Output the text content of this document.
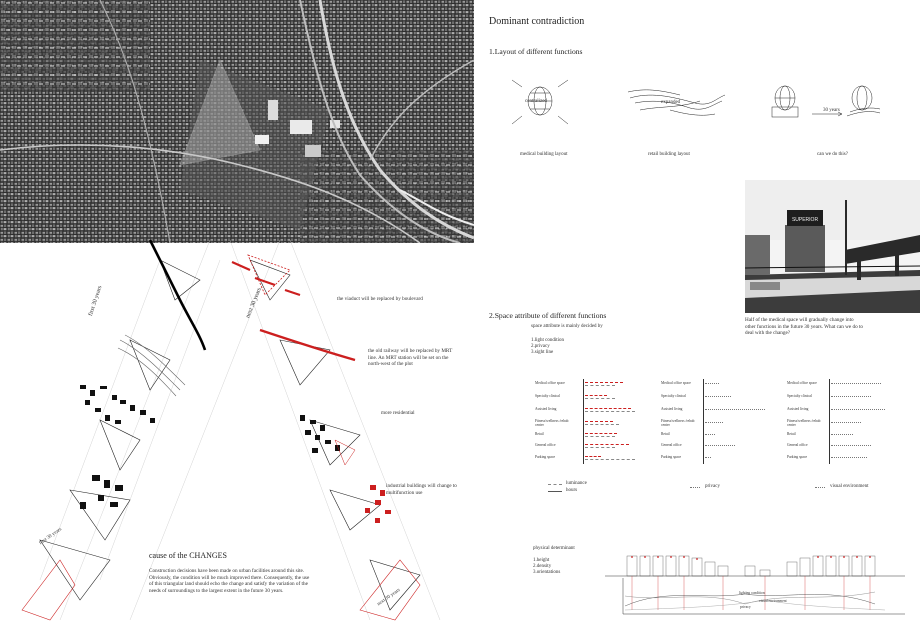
Dominant contradiction
1.Layout of different functions
centralized	expanded
30 years
medical building layout	retail building layout	can we do this?
SUPERIOR
Half of the medical space will gradually change into other functions in the future 30 years. What can we do to deal with the change?
2.Space attribute of different functions
space attribute is mainly decided by
1.light condition
2.privacy
3.sight line
Medical office space
Specialty clinical
Assisted living
Fitness/wellness /rehab center
Retail
General office
Parking space
Medical office space
Specialty clinical
Assisted living
Fitness/wellness /rehab center
Retail
General office
Parking space
Medical office space
Specialty clinical
Assisted living
Fitness/wellness /rehab center
Retail
General office
Parking space
luminance
hours
privacy	visual environment
physical determinant
1.height
2.density
3.orientations
lighting condition
visual environment
privacy
first 30 years	next 30 years
first 30 years
next 30 years
the viaduct will be replaced by boulevard
the old railway will be replaced by MRT line. An MRT station will be set on the north-west of the plot
more residential
industrial buildings will change to multifunction use
cause of the CHANGES
Construction decisions have been made on urban facilities around this site. Obviously, the condition will be much improved there. Consequently, the use of this triangular land should echo the change and satisfy the variation of the needs of surroundings to the largest extent in the future 30 years.
